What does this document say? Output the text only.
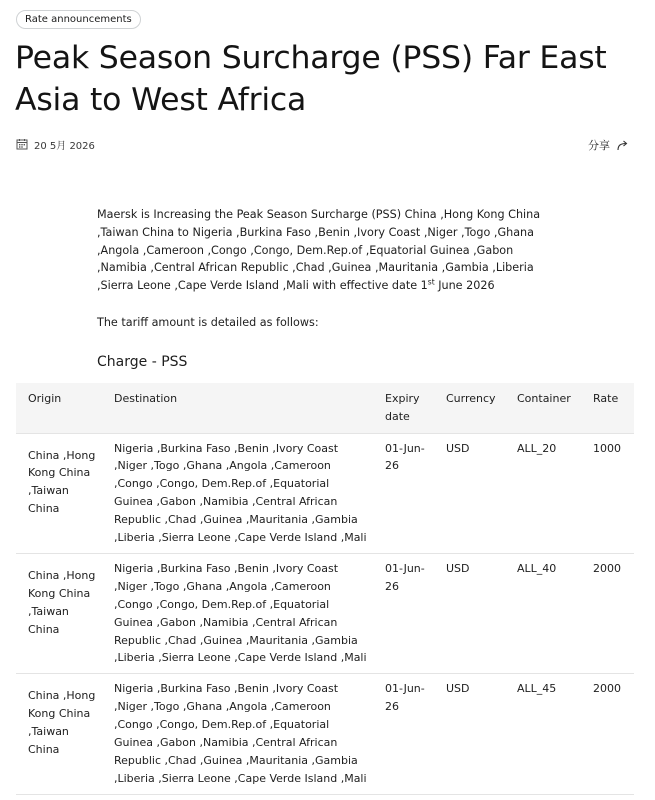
Rate announcements
Peak Season Surcharge (PSS) Far East Asia to West Africa
20 5月 2026	分享

Maersk is Increasing the Peak Season Surcharge (PSS) China ,Hong Kong China ,Taiwan China to Nigeria ,Burkina Faso ,Benin ,Ivory Coast ,Niger ,Togo ,Ghana ,Angola ,Cameroon ,Congo ,Congo, Dem.Rep.of ,Equatorial Guinea ,Gabon ,Namibia ,Central African Republic ,Chad ,Guinea ,Mauritania ,Gambia ,Liberia ,Sierra Leone ,Cape Verde Island ,Mali with effective date 1st June 2026

The tariff amount is detailed as follows:

Charge - PSS
Origin	Destination	Expiry date	Currency	Container	Rate
China ,Hong Kong China ,Taiwan China	Nigeria ,Burkina Faso ,Benin ,Ivory Coast ,Niger ,Togo ,Ghana ,Angola ,Cameroon ,Congo ,Congo, Dem.Rep.of ,Equatorial Guinea ,Gabon ,Namibia ,Central African Republic ,Chad ,Guinea ,Mauritania ,Gambia ,Liberia ,Sierra Leone ,Cape Verde Island ,Mali	01-Jun-26	USD	ALL_20	1000
China ,Hong Kong China ,Taiwan China	Nigeria ,Burkina Faso ,Benin ,Ivory Coast ,Niger ,Togo ,Ghana ,Angola ,Cameroon ,Congo ,Congo, Dem.Rep.of ,Equatorial Guinea ,Gabon ,Namibia ,Central African Republic ,Chad ,Guinea ,Mauritania ,Gambia ,Liberia ,Sierra Leone ,Cape Verde Island ,Mali	01-Jun-26	USD	ALL_40	2000
China ,Hong Kong China ,Taiwan China	Nigeria ,Burkina Faso ,Benin ,Ivory Coast ,Niger ,Togo ,Ghana ,Angola ,Cameroon ,Congo ,Congo, Dem.Rep.of ,Equatorial Guinea ,Gabon ,Namibia ,Central African Republic ,Chad ,Guinea ,Mauritania ,Gambia ,Liberia ,Sierra Leone ,Cape Verde Island ,Mali	01-Jun-26	USD	ALL_45	2000
